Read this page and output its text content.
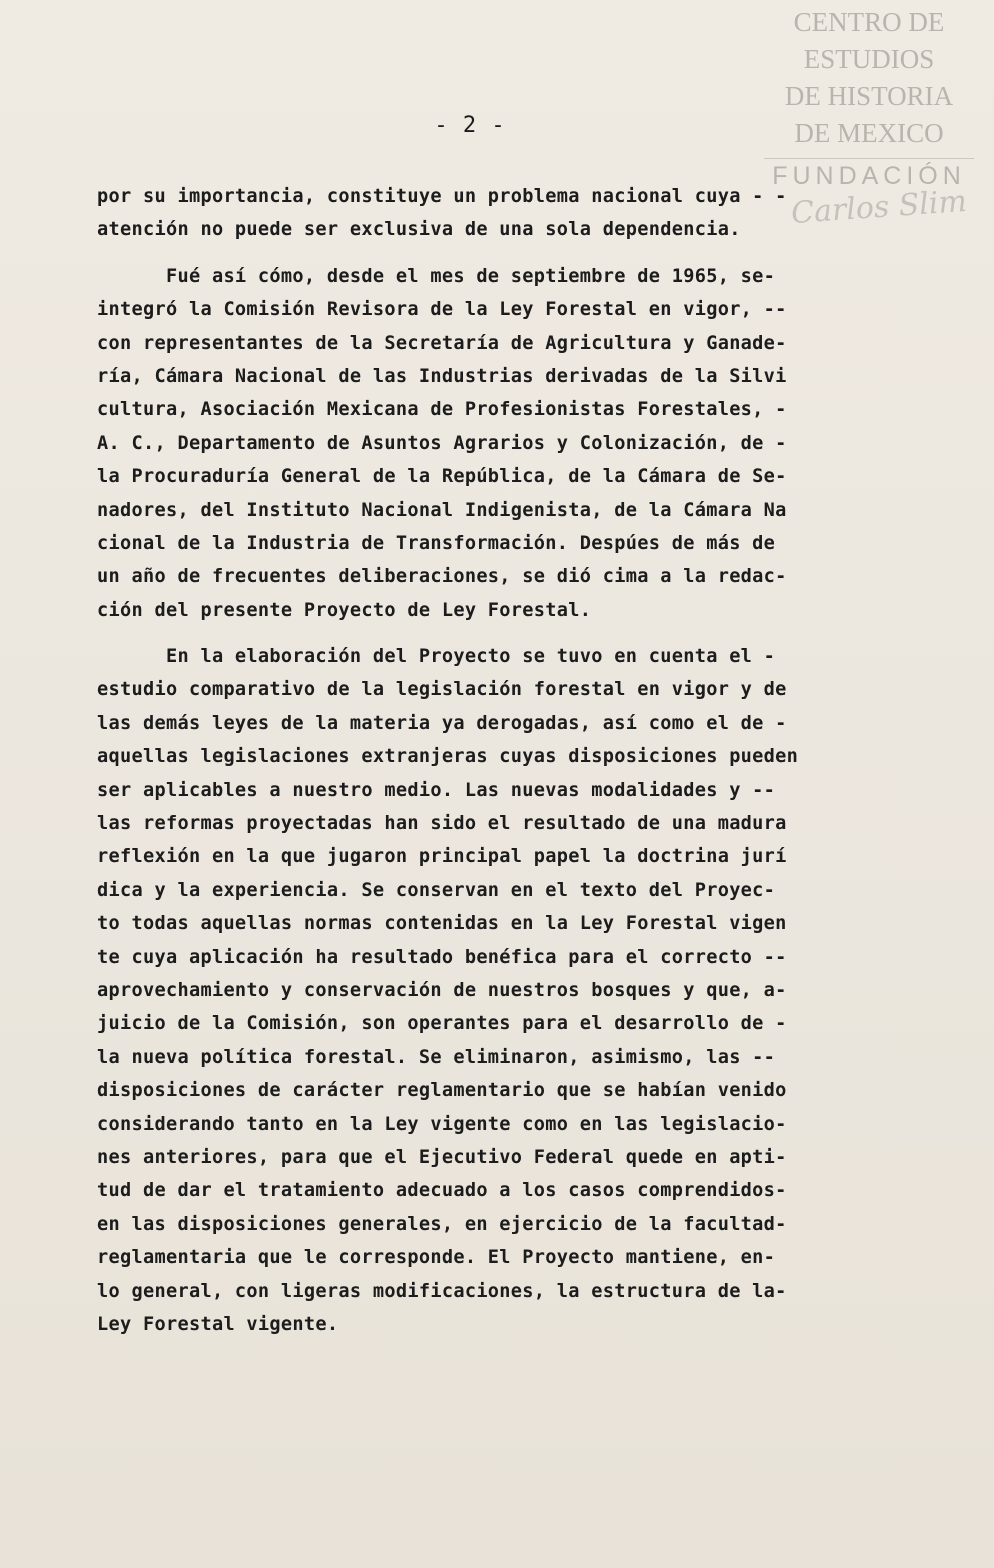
CENTRO DE
ESTUDIOS
DE HISTORIA
DE MEXICO
FUNDACIÓN
Carlos Slim
- 2 -
por su importancia, constituye un problema nacional cuya - -
atención no puede ser exclusiva de una sola dependencia.
Fué así cómo, desde el mes de septiembre de 1965, se-
integró la Comisión Revisora de la Ley Forestal en vigor, --
con representantes de la Secretaría de Agricultura y Ganade-
ría, Cámara Nacional de las Industrias derivadas de la Silvi
cultura, Asociación Mexicana de Profesionistas Forestales, -
A. C., Departamento de Asuntos Agrarios y Colonización, de -
la Procuraduría General de la República, de la Cámara de Se-
nadores, del Instituto Nacional Indigenista, de la Cámara Na
cional de la Industria de Transformación. Despúes de más de
un año de frecuentes deliberaciones, se dió cima a la redac-
ción del presente Proyecto de Ley Forestal.
En la elaboración del Proyecto se tuvo en cuenta el -
estudio comparativo de la legislación forestal en vigor y de
las demás leyes de la materia ya derogadas, así como el de -
aquellas legislaciones extranjeras cuyas disposiciones pueden
ser aplicables a nuestro medio. Las nuevas modalidades y --
las reformas proyectadas han sido el resultado de una madura
reflexión en la que jugaron principal papel la doctrina jurí
dica y la experiencia. Se conservan en el texto del Proyec-
to todas aquellas normas contenidas en la Ley Forestal vigen
te cuya aplicación ha resultado benéfica para el correcto --
aprovechamiento y conservación de nuestros bosques y que, a-
juicio de la Comisión, son operantes para el desarrollo de -
la nueva política forestal. Se eliminaron, asimismo, las --
disposiciones de carácter reglamentario que se habían venido
considerando tanto en la Ley vigente como en las legislacio-
nes anteriores, para que el Ejecutivo Federal quede en apti-
tud de dar el tratamiento adecuado a los casos comprendidos-
en las disposiciones generales, en ejercicio de la facultad-
reglamentaria que le corresponde. El Proyecto mantiene, en-
lo general, con ligeras modificaciones, la estructura de la-
Ley Forestal vigente.
